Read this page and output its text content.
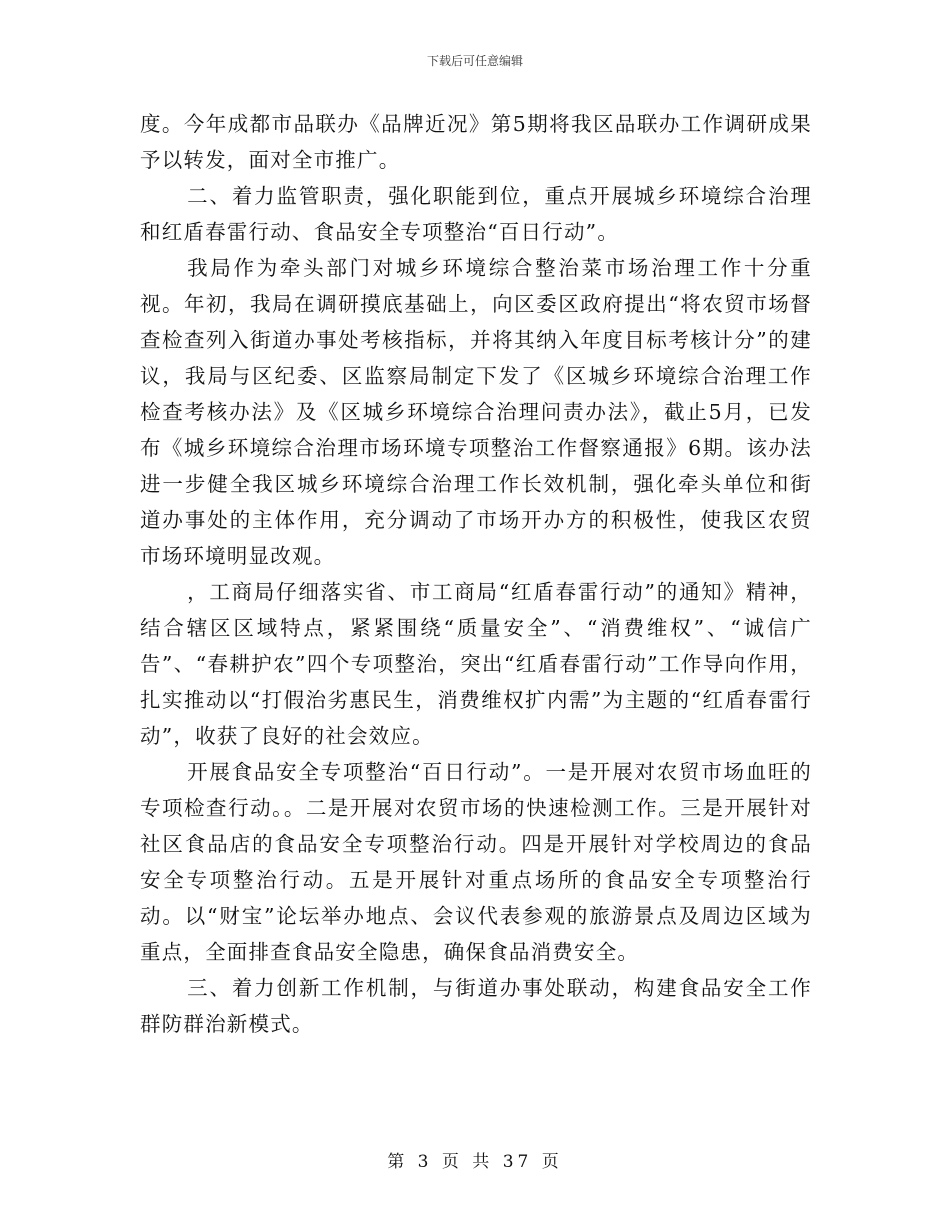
下载后可任意编辑

度。今年成都市品联办《品牌近况》第5期将我区品联办工作调研成果予以转发，面对全市推广。

二、着力监管职责，强化职能到位，重点开展城乡环境综合治理和红盾春雷行动、食品安全专项整治“百日行动”。

我局作为牵头部门对城乡环境综合整治菜市场治理工作十分重视。年初，我局在调研摸底基础上，向区委区政府提出“将农贸市场督查检查列入街道办事处考核指标，并将其纳入年度目标考核计分”的建议，我局与区纪委、区监察局制定下发了《区城乡环境综合治理工作检查考核办法》及《区城乡环境综合治理问责办法》，截止5月，已发布《城乡环境综合治理市场环境专项整治工作督察通报》6期。该办法进一步健全我区城乡环境综合治理工作长效机制，强化牵头单位和街道办事处的主体作用，充分调动了市场开办方的积极性，使我区农贸市场环境明显改观。

，工商局仔细落实省、市工商局“红盾春雷行动”的通知》精神，结合辖区区域特点，紧紧围绕“质量安全”、“消费维权”、“诚信广告”、“春耕护农”四个专项整治，突出“红盾春雷行动”工作导向作用，扎实推动以“打假治劣惠民生，消费维权扩内需”为主题的“红盾春雷行动”，收获了良好的社会效应。

开展食品安全专项整治“百日行动”。一是开展对农贸市场血旺的专项检查行动。。二是开展对农贸市场的快速检测工作。三是开展针对社区食品店的食品安全专项整治行动。四是开展针对学校周边的食品安全专项整治行动。五是开展针对重点场所的食品安全专项整治行动。以“财宝”论坛举办地点、会议代表参观的旅游景点及周边区域为重点，全面排查食品安全隐患，确保食品消费安全。

三、着力创新工作机制，与街道办事处联动，构建食品安全工作群防群治新模式。

第 3 页 共 37 页
